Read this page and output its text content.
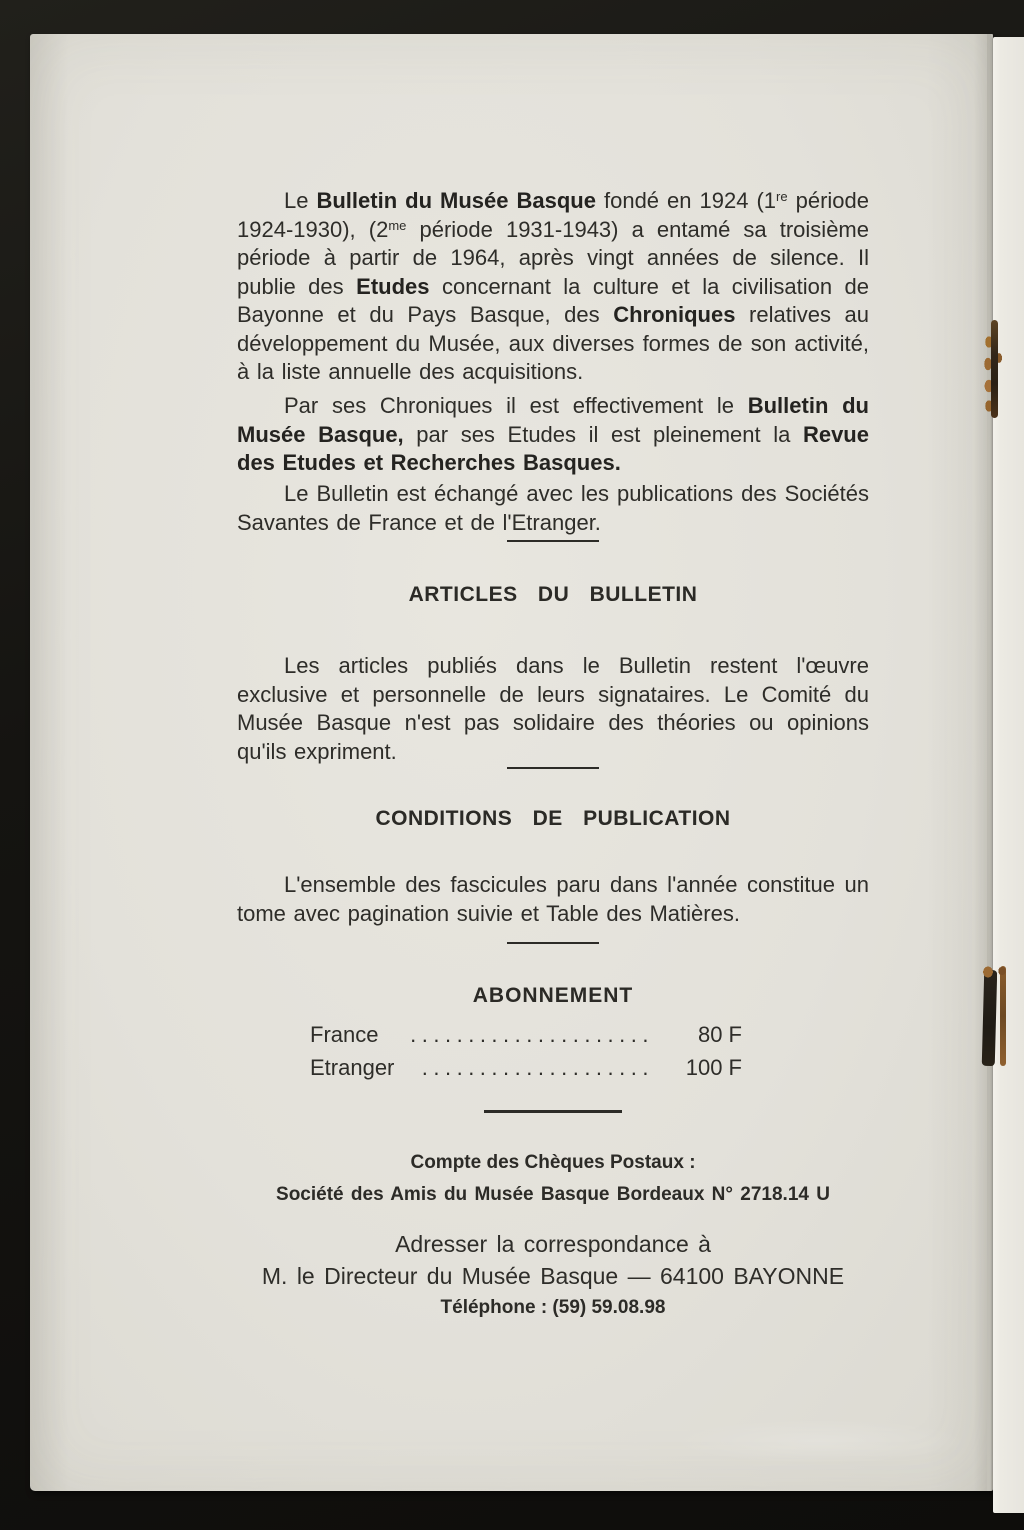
Le Bulletin du Musée Basque fondé en 1924 (1re période 1924-1930), ($2^{me}$ période 1931-1943) a entamé sa troisième période à partir de 1964, après vingt années de silence. Il publie des Etudes concernant la culture et la civilisation de Bayonne et du Pays Basque, des Chroniques relatives au développement du Musée, aux diverses formes de son activité, à la liste annuelle des acquisitions.

Par ses Chroniques il est effectivement le Bulletin du Musée Basque, par ses Etudes il est pleinement la Revue des Etudes et Recherches Basques.

Le Bulletin est échangé avec les publications des Sociétés Savantes de France et de l'Etranger.

ARTICLES DU BULLETIN

Les articles publiés dans le Bulletin restent l'œuvre exclusive et personnelle de leurs signataires. Le Comité du Musée Basque n'est pas solidaire des théories ou opinions qu'ils expriment.

CONDITIONS DE PUBLICATION

L'ensemble des fascicules paru dans l'année constitue un tome avec pagination suivie et Table des Matières.

ABONNEMENT
France	.....................	80 F
Etranger	....................	100 F
Compte des Chèques Postaux :
Société des Amis du Musée Basque Bordeaux N° 2718.14 U
Adresser la correspondance à
M. le Directeur du Musée Basque — 64100 BAYONNE
Téléphone : (59) 59.08.98
